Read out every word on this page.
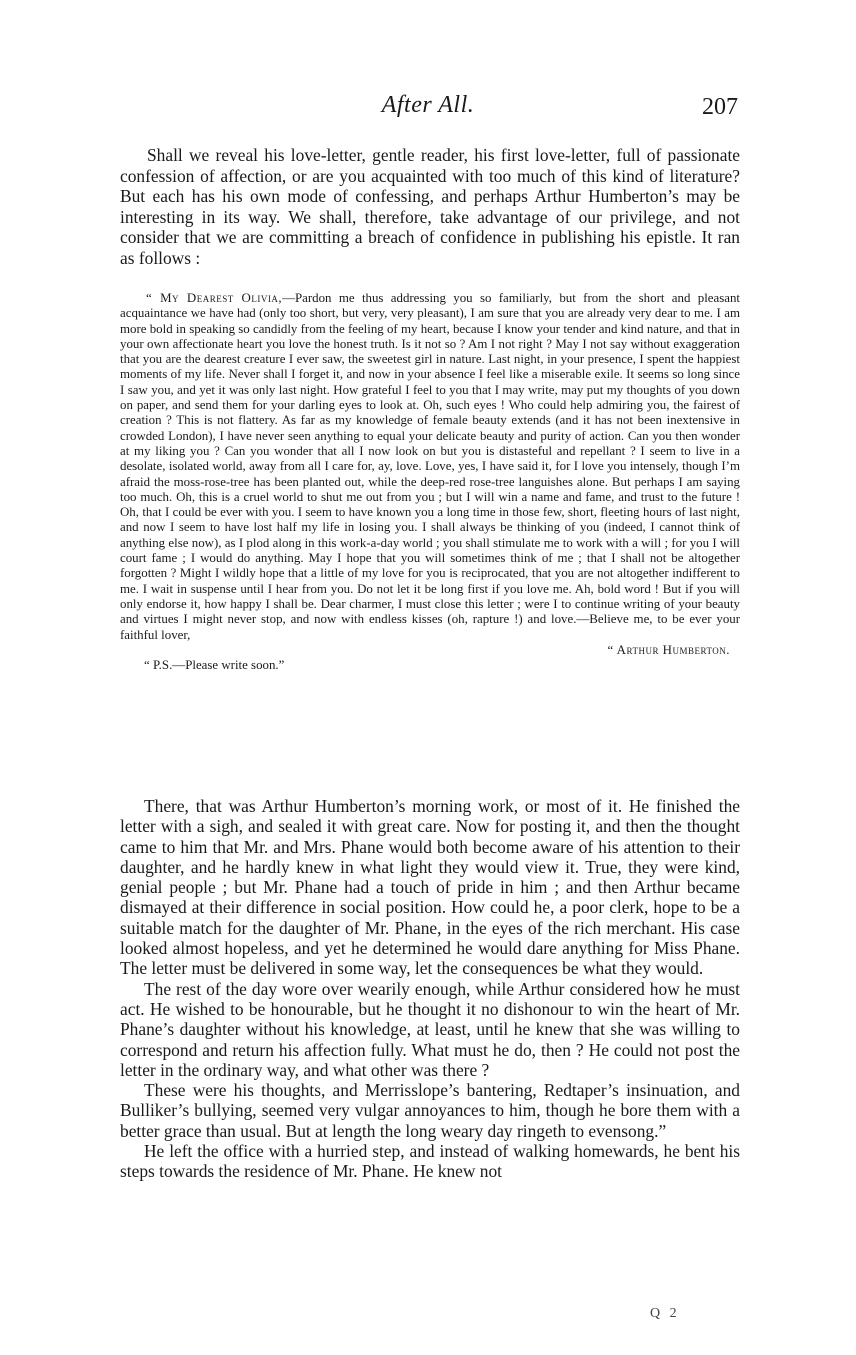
After All.	207

Shall we reveal his love-letter, gentle reader, his first love-letter, full of passionate confession of affection, or are you acquainted with too much of this kind of literature? But each has his own mode of confessing, and perhaps Arthur Humberton’s may be interesting in its way. We shall, therefore, take advantage of our privilege, and not consider that we are committing a breach of confidence in publishing his epistle. It ran as follows :

“ My Dearest Olivia,—Pardon me thus addressing you so familiarly, but from the short and pleasant acquaintance we have had (only too short, but very, very pleasant), I am sure that you are already very dear to me. I am more bold in speaking so candidly from the feeling of my heart, because I know your tender and kind nature, and that in your own affectionate heart you love the honest truth. Is it not so ? Am I not right ? May I not say without exaggeration that you are the dearest creature I ever saw, the sweetest girl in nature. Last night, in your presence, I spent the happiest moments of my life. Never shall I forget it, and now in your absence I feel like a miserable exile. It seems so long since I saw you, and yet it was only last night. How grateful I feel to you that I may write, may put my thoughts of you down on paper, and send them for your darling eyes to look at. Oh, such eyes ! Who could help admiring you, the fairest of creation ? This is not flattery. As far as my knowledge of female beauty extends (and it has not been inextensive in crowded London), I have never seen anything to equal your delicate beauty and purity of action. Can you then wonder at my liking you ? Can you wonder that all I now look on but you is distasteful and repellant ? I seem to live in a desolate, isolated world, away from all I care for, ay, love. Love, yes, I have said it, for I love you intensely, though I’m afraid the moss-rose-tree has been planted out, while the deep-red rose-tree languishes alone. But perhaps I am saying too much. Oh, this is a cruel world to shut me out from you ; but I will win a name and fame, and trust to the future ! Oh, that I could be ever with you. I seem to have known you a long time in those few, short, fleeting hours of last night, and now I seem to have lost half my life in losing you. I shall always be thinking of you (indeed, I cannot think of anything else now), as I plod along in this work-a-day world ; you shall stimulate me to work with a will ; for you I will court fame ; I would do anything. May I hope that you will sometimes think of me ; that I shall not be altogether forgotten ? Might I wildly hope that a little of my love for you is reciprocated, that you are not altogether indifferent to me. I wait in suspense until I hear from you. Do not let it be long first if you love me. Ah, bold word ! But if you will only endorse it, how happy I shall be. Dear charmer, I must close this letter ; were I to continue writing of your beauty and virtues I might never stop, and now with endless kisses (oh, rapture !) and love.—Believe me, to be ever your faithful lover,

“ Arthur Humberton.

“ P.S.—Please write soon.”

There, that was Arthur Humberton’s morning work, or most of it. He finished the letter with a sigh, and sealed it with great care. Now for posting it, and then the thought came to him that Mr. and Mrs. Phane would both become aware of his attention to their daughter, and he hardly knew in what light they would view it. True, they were kind, genial people ; but Mr. Phane had a touch of pride in him ; and then Arthur became dismayed at their difference in social position. How could he, a poor clerk, hope to be a suitable match for the daughter of Mr. Phane, in the eyes of the rich merchant. His case looked almost hopeless, and yet he determined he would dare anything for Miss Phane. The letter must be delivered in some way, let the consequences be what they would.

The rest of the day wore over wearily enough, while Arthur considered how he must act. He wished to be honourable, but he thought it no dishonour to win the heart of Mr. Phane’s daughter without his knowledge, at least, until he knew that she was willing to correspond and return his affection fully. What must he do, then ? He could not post the letter in the ordinary way, and what other was there ?

These were his thoughts, and Merrisslope’s bantering, Redtaper’s insinuation, and Bulliker’s bullying, seemed very vulgar annoyances to him, though he bore them with a better grace than usual. But at length the long weary day ringeth to evensong.”

He left the office with a hurried step, and instead of walking homewards, he bent his steps towards the residence of Mr. Phane. He knew not

Q 2
